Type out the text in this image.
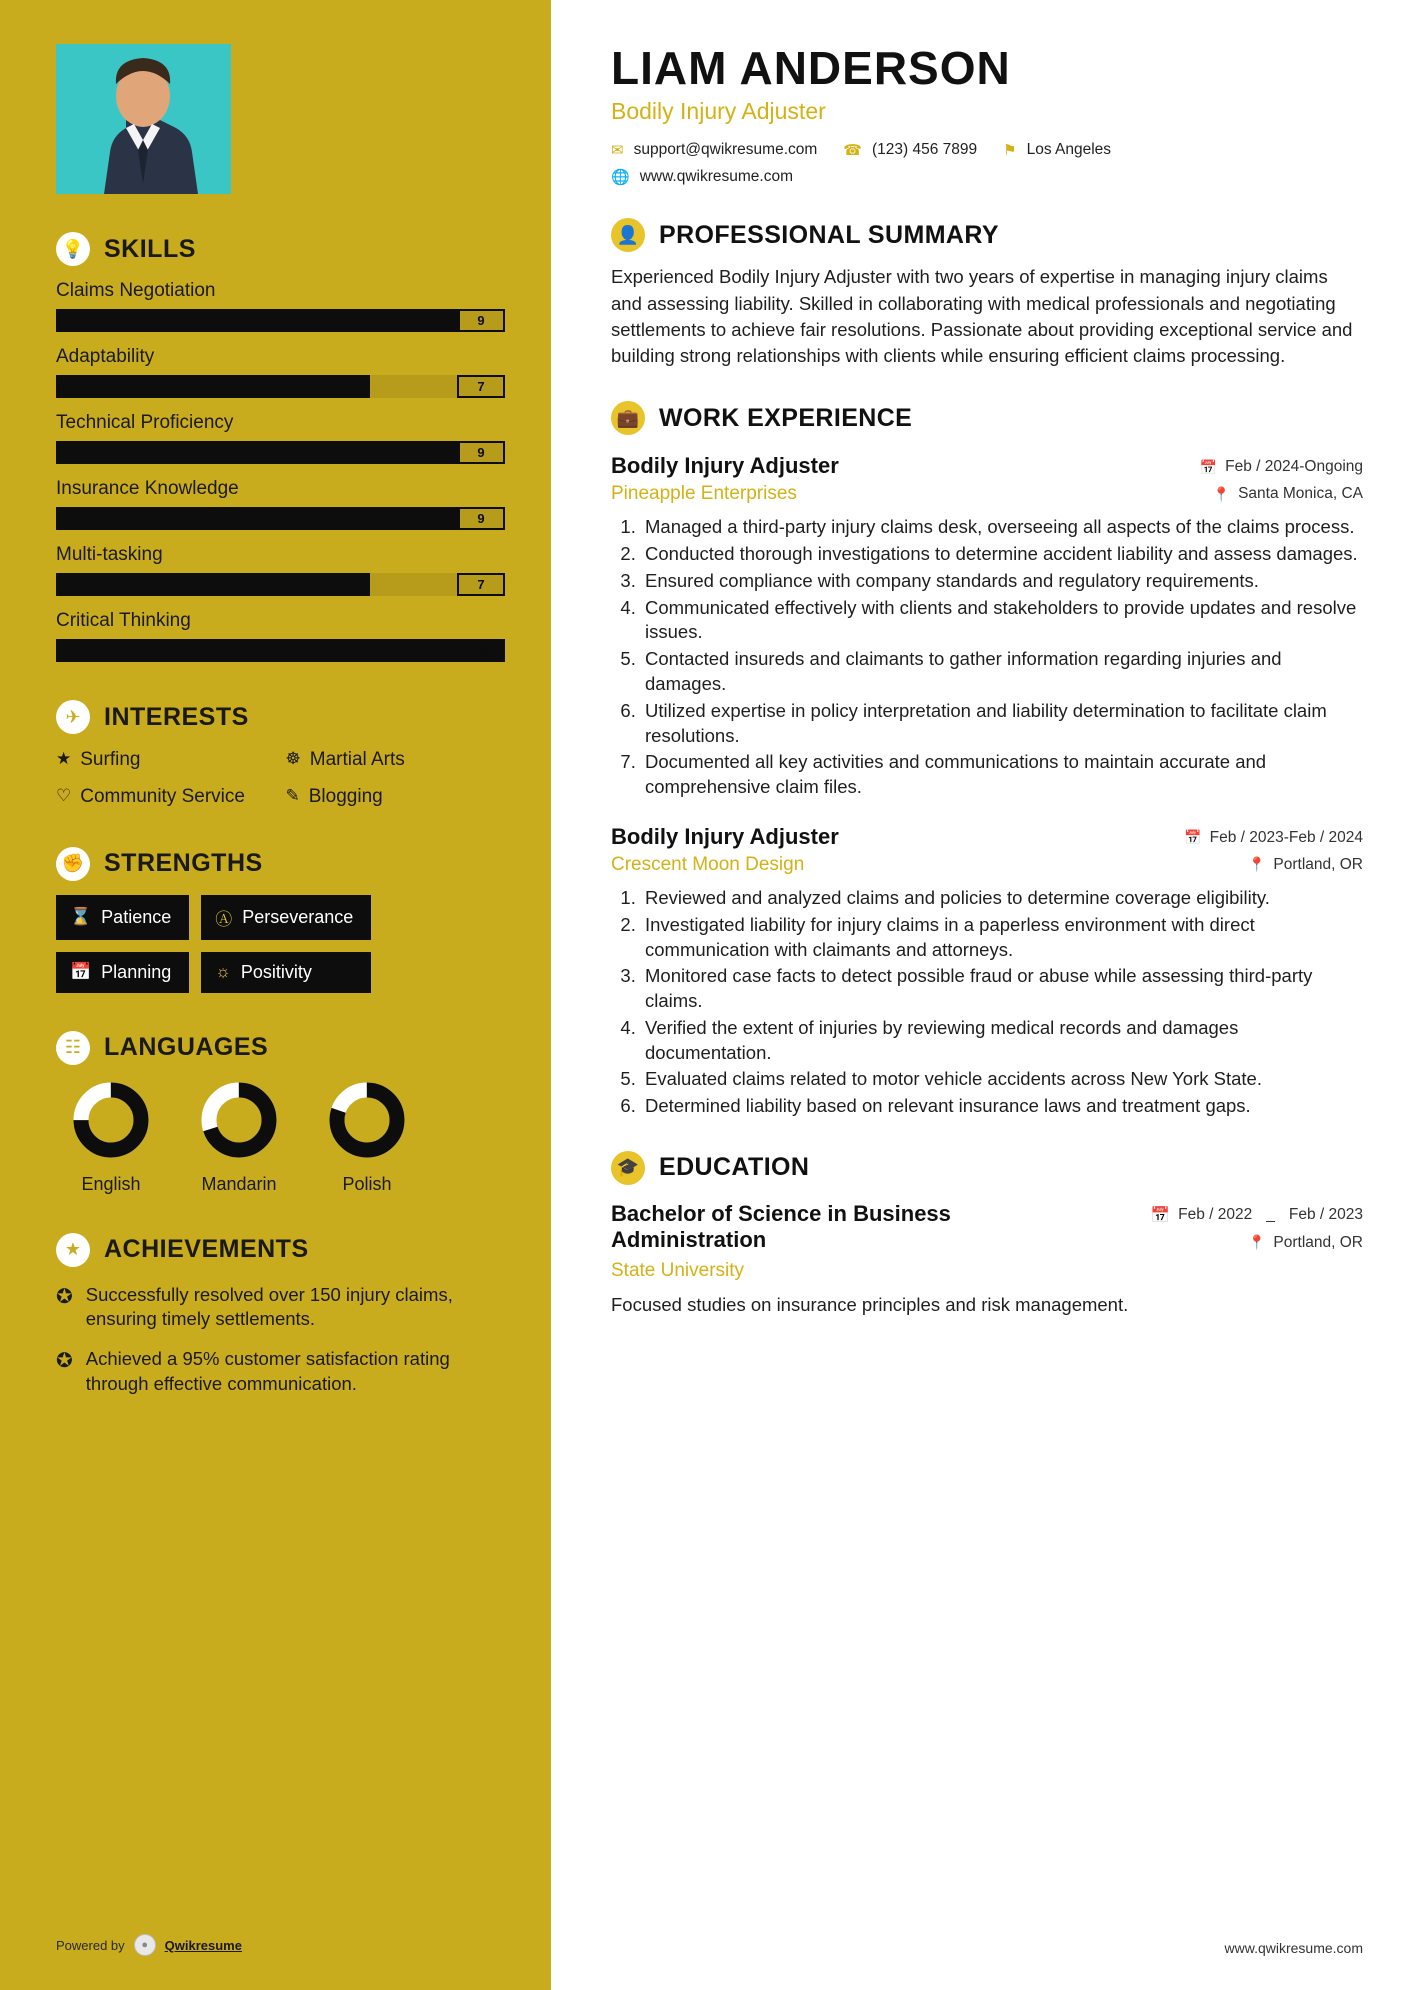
💡 SKILLS
Claims Negotiation
9
Adaptability
7
Technical Proficiency
9
Insurance Knowledge
9
Multi-tasking
7
Critical Thinking
10
✈ INTERESTS
★ Surfing	☸ Martial Arts
♡ Community Service ✎ Blogging
✊ STRENGTHS
⌛ Patience	Ⓐ Perseverance
📅 Planning	☼ Positivity
☷ LANGUAGES
English	Mandarin	Polish
★ ACHIEVEMENTS
✪ Successfully resolved over 150 injury claims, ensuring timely settlements.
✪ Achieved a 95% customer satisfaction rating through effective communication.
Powered by	●	Qwikresume
LIAM ANDERSON
Bodily Injury Adjuster
✉ support@qwikresume.com ☎ (123) 456 7899 ⚑ Los Angeles
🌐 www.qwikresume.com
👤 PROFESSIONAL SUMMARY
Experienced Bodily Injury Adjuster with two years of expertise in managing injury claims and assessing liability. Skilled in collaborating with medical professionals and negotiating settlements to achieve fair resolutions. Passionate about providing exceptional service and building strong relationships with clients while ensuring efficient claims processing.
💼 WORK EXPERIENCE
Bodily Injury Adjuster
Pineapple Enterprises
📅 Feb / 2024-Ongoing
📍 Santa Monica, CA
1. Managed a third-party injury claims desk, overseeing all aspects of the claims process.
2. Conducted thorough investigations to determine accident liability and assess damages.
3. Ensured compliance with company standards and regulatory requirements.
4. Communicated effectively with clients and stakeholders to provide updates and resolve issues.
5. Contacted insureds and claimants to gather information regarding injuries and damages.
6. Utilized expertise in policy interpretation and liability determination to facilitate claim resolutions.
7. Documented all key activities and communications to maintain accurate and comprehensive claim files.
Bodily Injury Adjuster
Crescent Moon Design
📅 Feb / 2023-Feb / 2024
📍 Portland, OR
1. Reviewed and analyzed claims and policies to determine coverage eligibility.
2. Investigated liability for injury claims in a paperless environment with direct communication with claimants and attorneys.
3. Monitored case facts to detect possible fraud or abuse while assessing third-party claims.
4. Verified the extent of injuries by reviewing medical records and damages documentation.
5. Evaluated claims related to motor vehicle accidents across New York State.
6. Determined liability based on relevant insurance laws and treatment gaps.
🎓 EDUCATION
Bachelor of Science in Business Administration
State University
📅 Feb / 2022 _ Feb / 2023
📍 Portland, OR
Focused studies on insurance principles and risk management.
www.qwikresume.com
